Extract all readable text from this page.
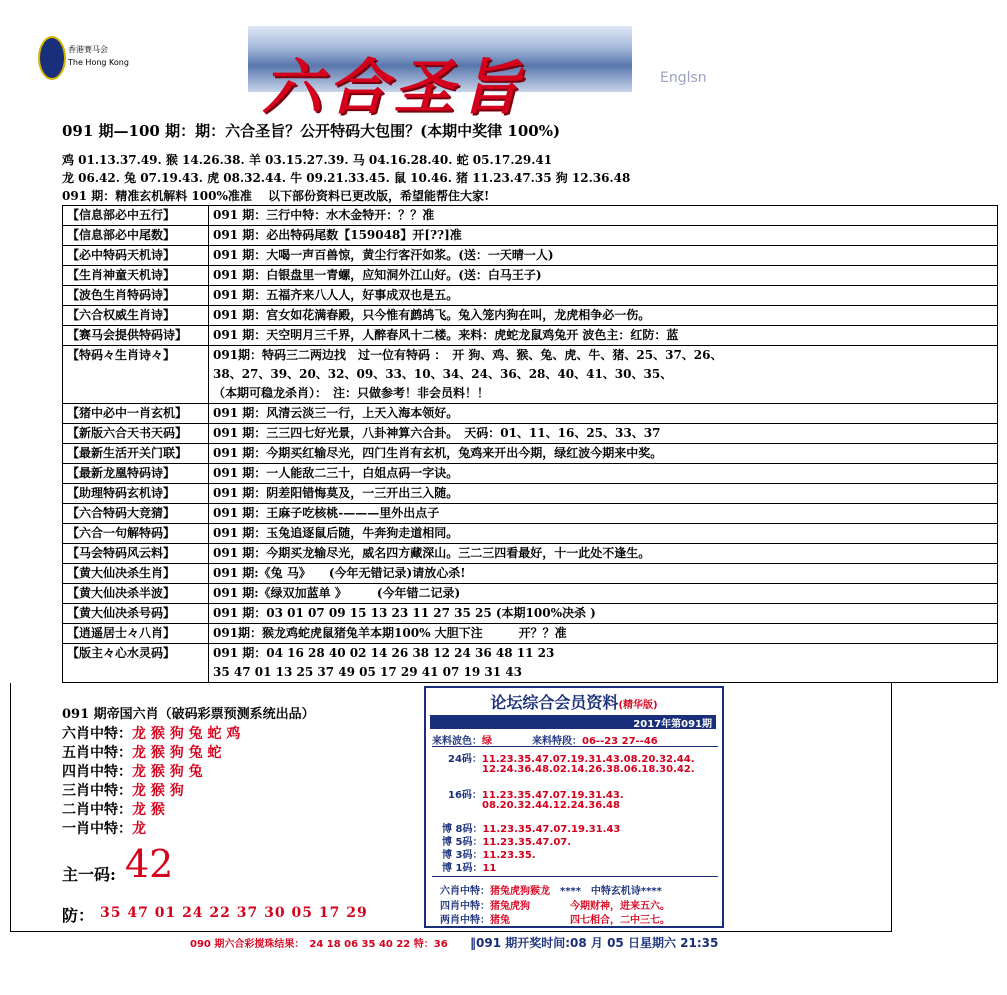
香港赛马会
The Hong Kong 六合圣旨	Englsn
091 期—100 期：期：六合圣旨？公开特码大包围？(本期中奖律 100%)
鸡 01.13.37.49. 猴 14.26.38. 羊 03.15.27.39. 马 04.16.28.40. 蛇 05.17.29.41
龙 06.42. 兔 07.19.43. 虎 08.32.44. 牛 09.21.33.45. 鼠 10.46. 猪 11.23.47.35 狗 12.36.48
091 期：精准玄机解料 100%准准　 以下部份资料已更改版，希望能帮住大家!
【信息部必中五行】	091 期：三行中特：水木金特开：？？准

【信息部必中尾数】	091 期：必出特码尾数【159048】开[??]准

【必中特码天机诗】	091 期：大喝一声百兽惊，黄尘行客汗如浆。(送：一天晴一人)

【生肖神童天机诗】	091 期：白银盘里一青螺，应知洞外江山好。(送：白马王子)

【波色生肖特码诗】	091 期：五福齐来八人人，好事成双也是五。

【六合权威生肖诗】	091 期：宫女如花满春殿，只今惟有鹧鸪飞。兔入笼内狗在叫，龙虎相争必一伤。

【赛马会提供特码诗】	091 期：天空明月三千界，人醉春风十二楼。来料：虎蛇龙鼠鸡兔开 波色主：红防：蓝

【特码々生肖诗々】	091期：特码三二两边找　过一位有特码 ：　开 狗、鸡、猴、兔、虎、牛、猪、25、37、26、
38、27、39、20、32、09、33、10、34、24、36、28、40、41、30、35、
（本期可稳龙杀肖）：　注：只做参考！非会员料！！

【猪中必中一肖玄机】	091 期：风清云淡三一行，上天入海本领好。

【新版六合天书天码】	091 期：三三四七好光景，八卦神算六合卦。　天码：01、11、16、25、33、37

【最新生活开关门联】	091 期：今期买红输尽光，四门生肖有玄机，兔鸡来开出今期，绿红波今期来中奖。

【最新龙凰特码诗】	091 期：一人能敌二三十，白姐点码一字诀。

【助理特码玄机诗】	091 期：阴差阳错悔莫及，一三开出三入随。

【六合特码大竞猜】	091 期：王麻子吃核桃-———里外出点子

【六合一句解特码】	091 期：玉兔追逐鼠后随，牛奔狗走道相同。

【马会特码风云料】	091 期：今期买龙输尽光，威名四方藏深山。三二三四看最好，十一此处不逢生。

【黄大仙决杀生肖】	091 期:《兔 马》　　(今年无错记录)请放心杀!

【黄大仙决杀半波】	091 期:《绿双加蓝单 》　　　(今年错二记录)

【黄大仙决杀号码】	091 期：03 01 07 09 15 13 23 11 27 35 25 (本期100%决杀 )

【逍遥居士々八肖】	091期：猴龙鸡蛇虎鼠猪兔羊本期100% 大胆下注　　　开？？准

【版主々心水灵码】	091 期：04 16 28 40 02 14 26 38 12 24 36 48 11 23
35 47 01 13 25 37 49 05 17 29 41 07 19 31 43
091 期帝国六肖（破码彩票预测系统出品）
六肖中特：龙 猴 狗 兔 蛇 鸡
五肖中特：龙 猴 狗 兔 蛇
四肖中特：龙 猴 狗 兔
三肖中特：龙 猴 狗
二肖中特：龙 猴
一肖中特：龙
主一码: 42
防： 35 47 01 24 22 37 30 05 17 29
论坛综合会员资料(精华版)
2017年第091期
来料波色：绿　　　　	来料特段：06--23 27--46
24码：11.23.35.47.07.19.31.43.08.20.32.44.
12.24.36.48.02.14.26.38.06.18.30.42.
16码：11.23.35.47.07.19.31.43.
08.20.32.44.12.24.36.48
博 8码：11.23.35.47.07.19.31.43
博 5码：11.23.35.47.07.
博 3码：11.23.35.
博 1码：11
六肖中特：猪兔虎狗猴龙　 ****　 中特玄机诗****
四肖中特：猪兔虎狗　　　　	今期财神，进来五六。
两肖中特：猪兔　　　　　　	四七相合，二中三七。
090 期六合彩搅珠结果：　24 18 06 35 40 22 特：36 ‖091 期开奖时间:08 月 05 日星期六 21:35
